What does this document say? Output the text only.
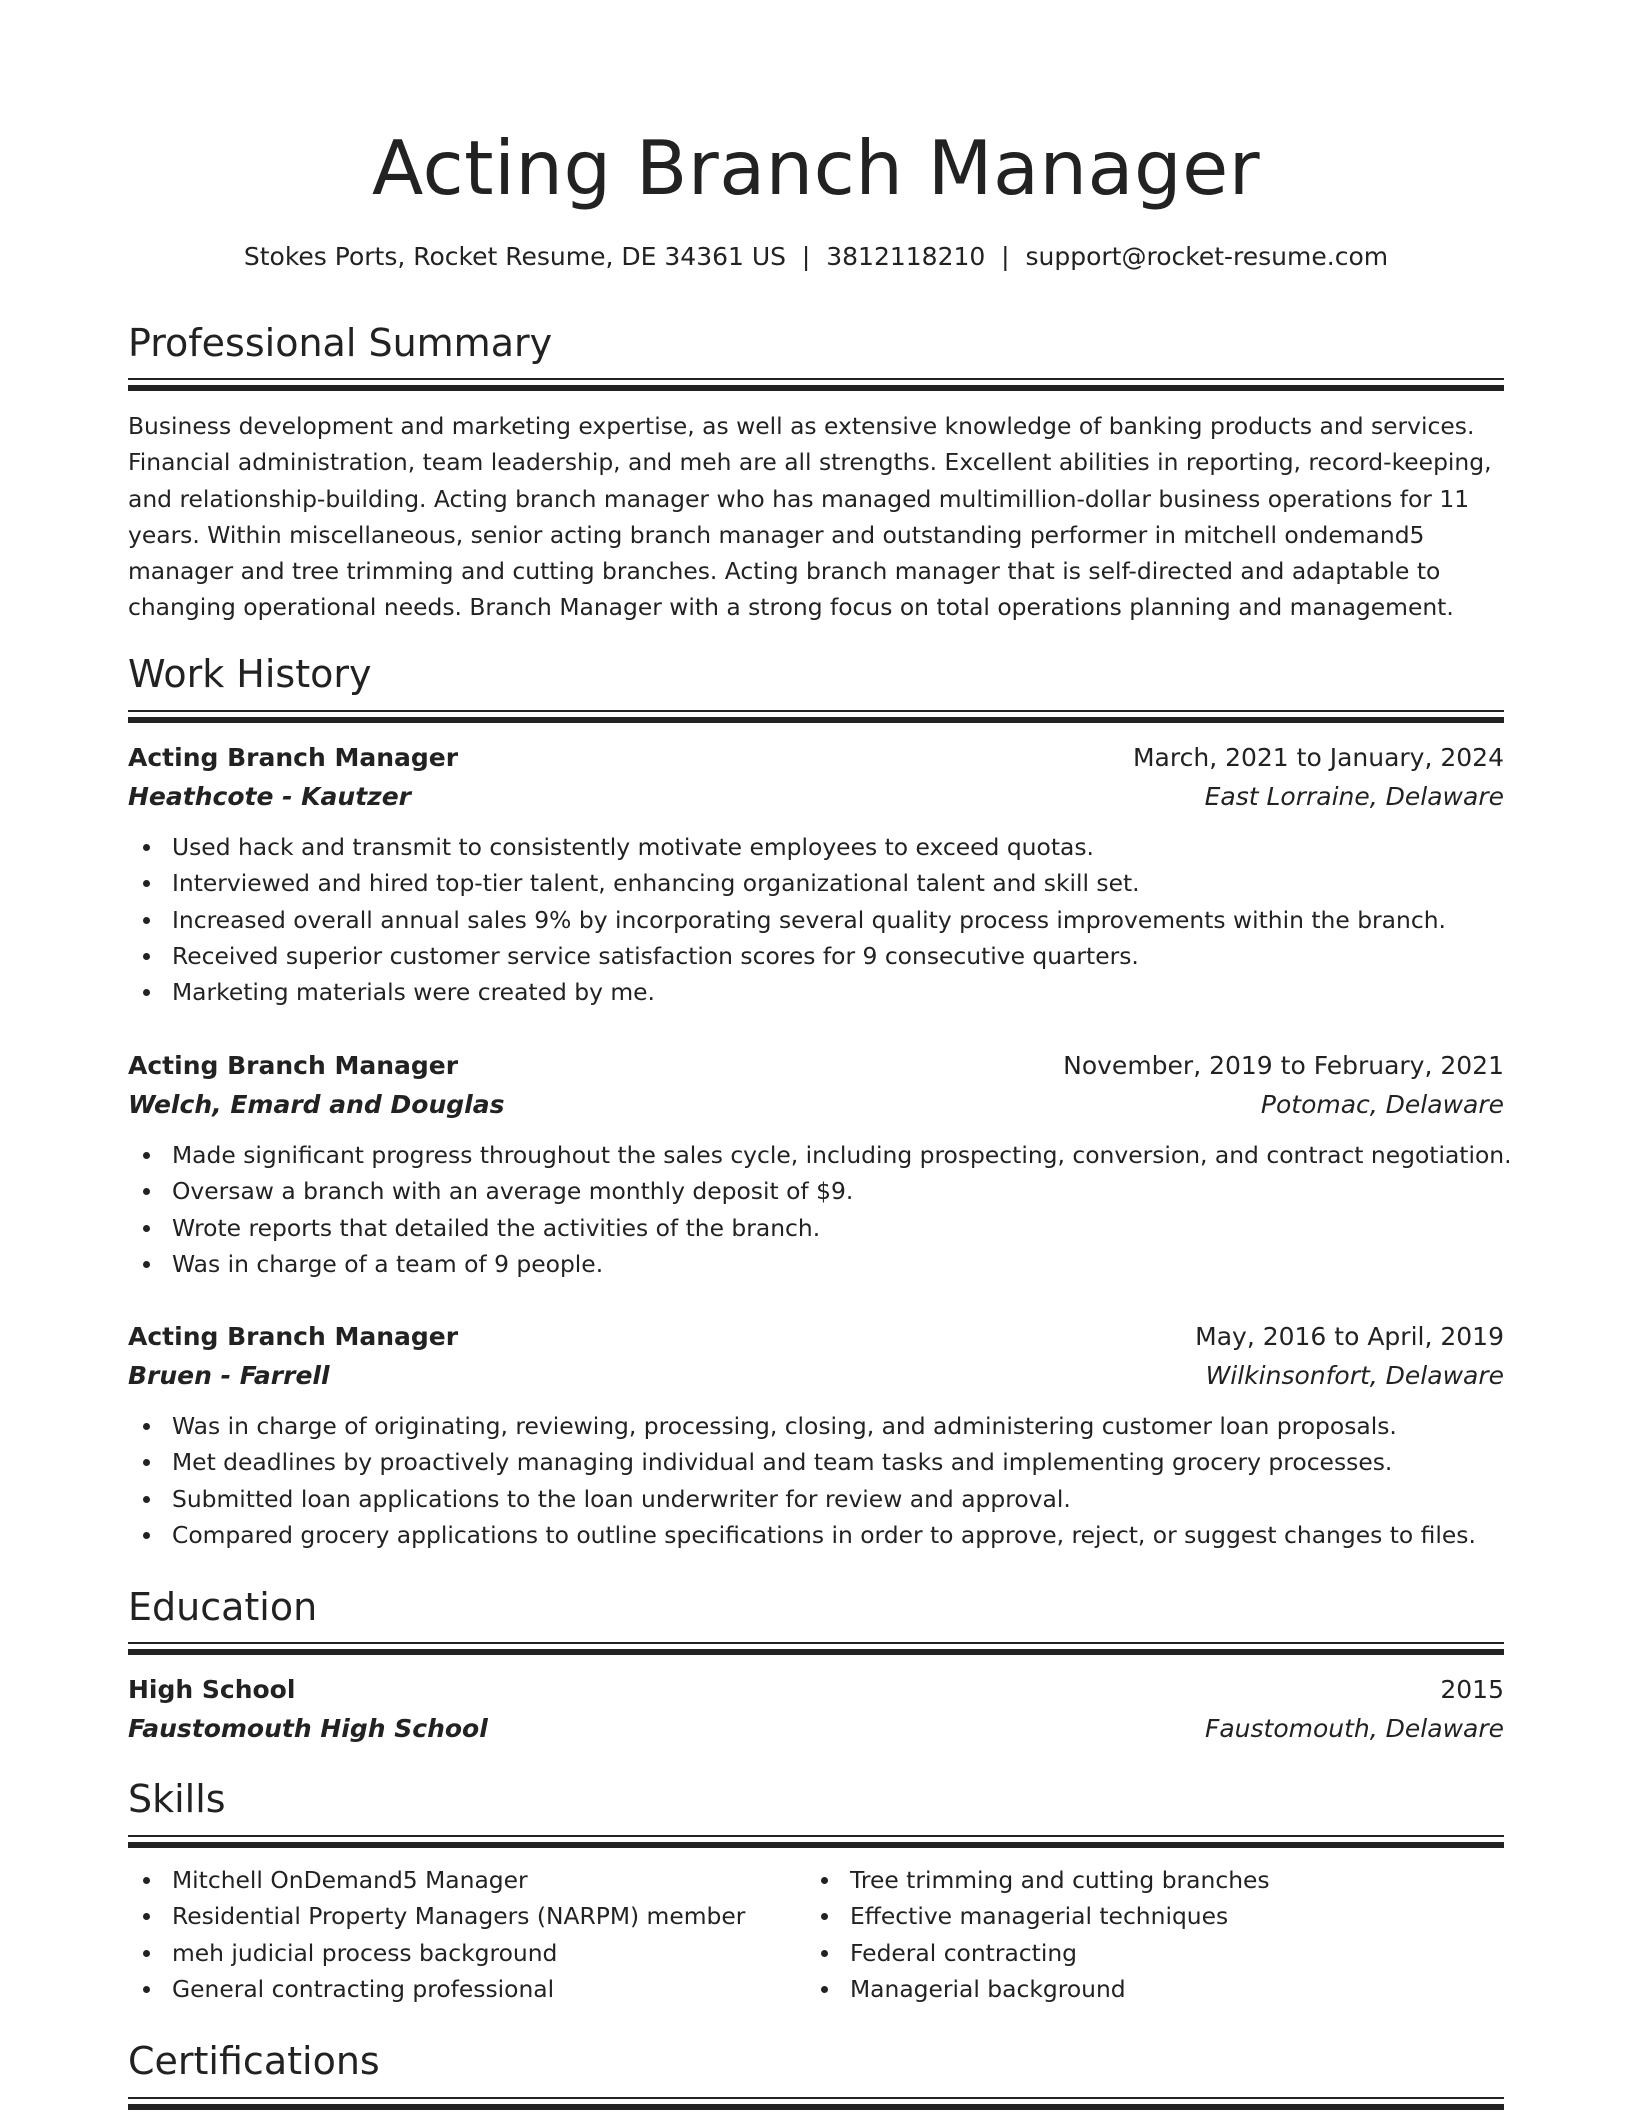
Acting Branch Manager
Stokes Ports, Rocket Resume, DE 34361 US  |  3812118210  |  support@rocket-resume.com
Professional Summary
Business development and marketing expertise, as well as extensive knowledge of banking products and services.
Financial administration, team leadership, and meh are all strengths. Excellent abilities in reporting, record-keeping,
and relationship-building. Acting branch manager who has managed multimillion-dollar business operations for 11
years. Within miscellaneous, senior acting branch manager and outstanding performer in mitchell ondemand5
manager and tree trimming and cutting branches. Acting branch manager that is self-directed and adaptable to
changing operational needs. Branch Manager with a strong focus on total operations planning and management.
Work History
Acting Branch Manager	March, 2021 to January, 2024
Heathcote - Kautzer	East Lorraine, Delaware
Used hack and transmit to consistently motivate employees to exceed quotas.
Interviewed and hired top-tier talent, enhancing organizational talent and skill set.
Increased overall annual sales 9% by incorporating several quality process improvements within the branch.
Received superior customer service satisfaction scores for 9 consecutive quarters.
Marketing materials were created by me.
Acting Branch Manager	November, 2019 to February, 2021
Welch, Emard and Douglas	Potomac, Delaware
Made significant progress throughout the sales cycle, including prospecting, conversion, and contract negotiation.
Oversaw a branch with an average monthly deposit of $9.
Wrote reports that detailed the activities of the branch.
Was in charge of a team of 9 people.
Acting Branch Manager	May, 2016 to April, 2019
Bruen - Farrell	Wilkinsonfort, Delaware
Was in charge of originating, reviewing, processing, closing, and administering customer loan proposals.
Met deadlines by proactively managing individual and team tasks and implementing grocery processes.
Submitted loan applications to the loan underwriter for review and approval.
Compared grocery applications to outline specifications in order to approve, reject, or suggest changes to files.
Education
High School	2015
Faustomouth High School	Faustomouth, Delaware
Skills
Mitchell OnDemand5 Manager
Residential Property Managers (NARPM) member
meh judicial process background
General contracting professional
Tree trimming and cutting branches
Effective managerial techniques
Federal contracting
Managerial background
Certifications
